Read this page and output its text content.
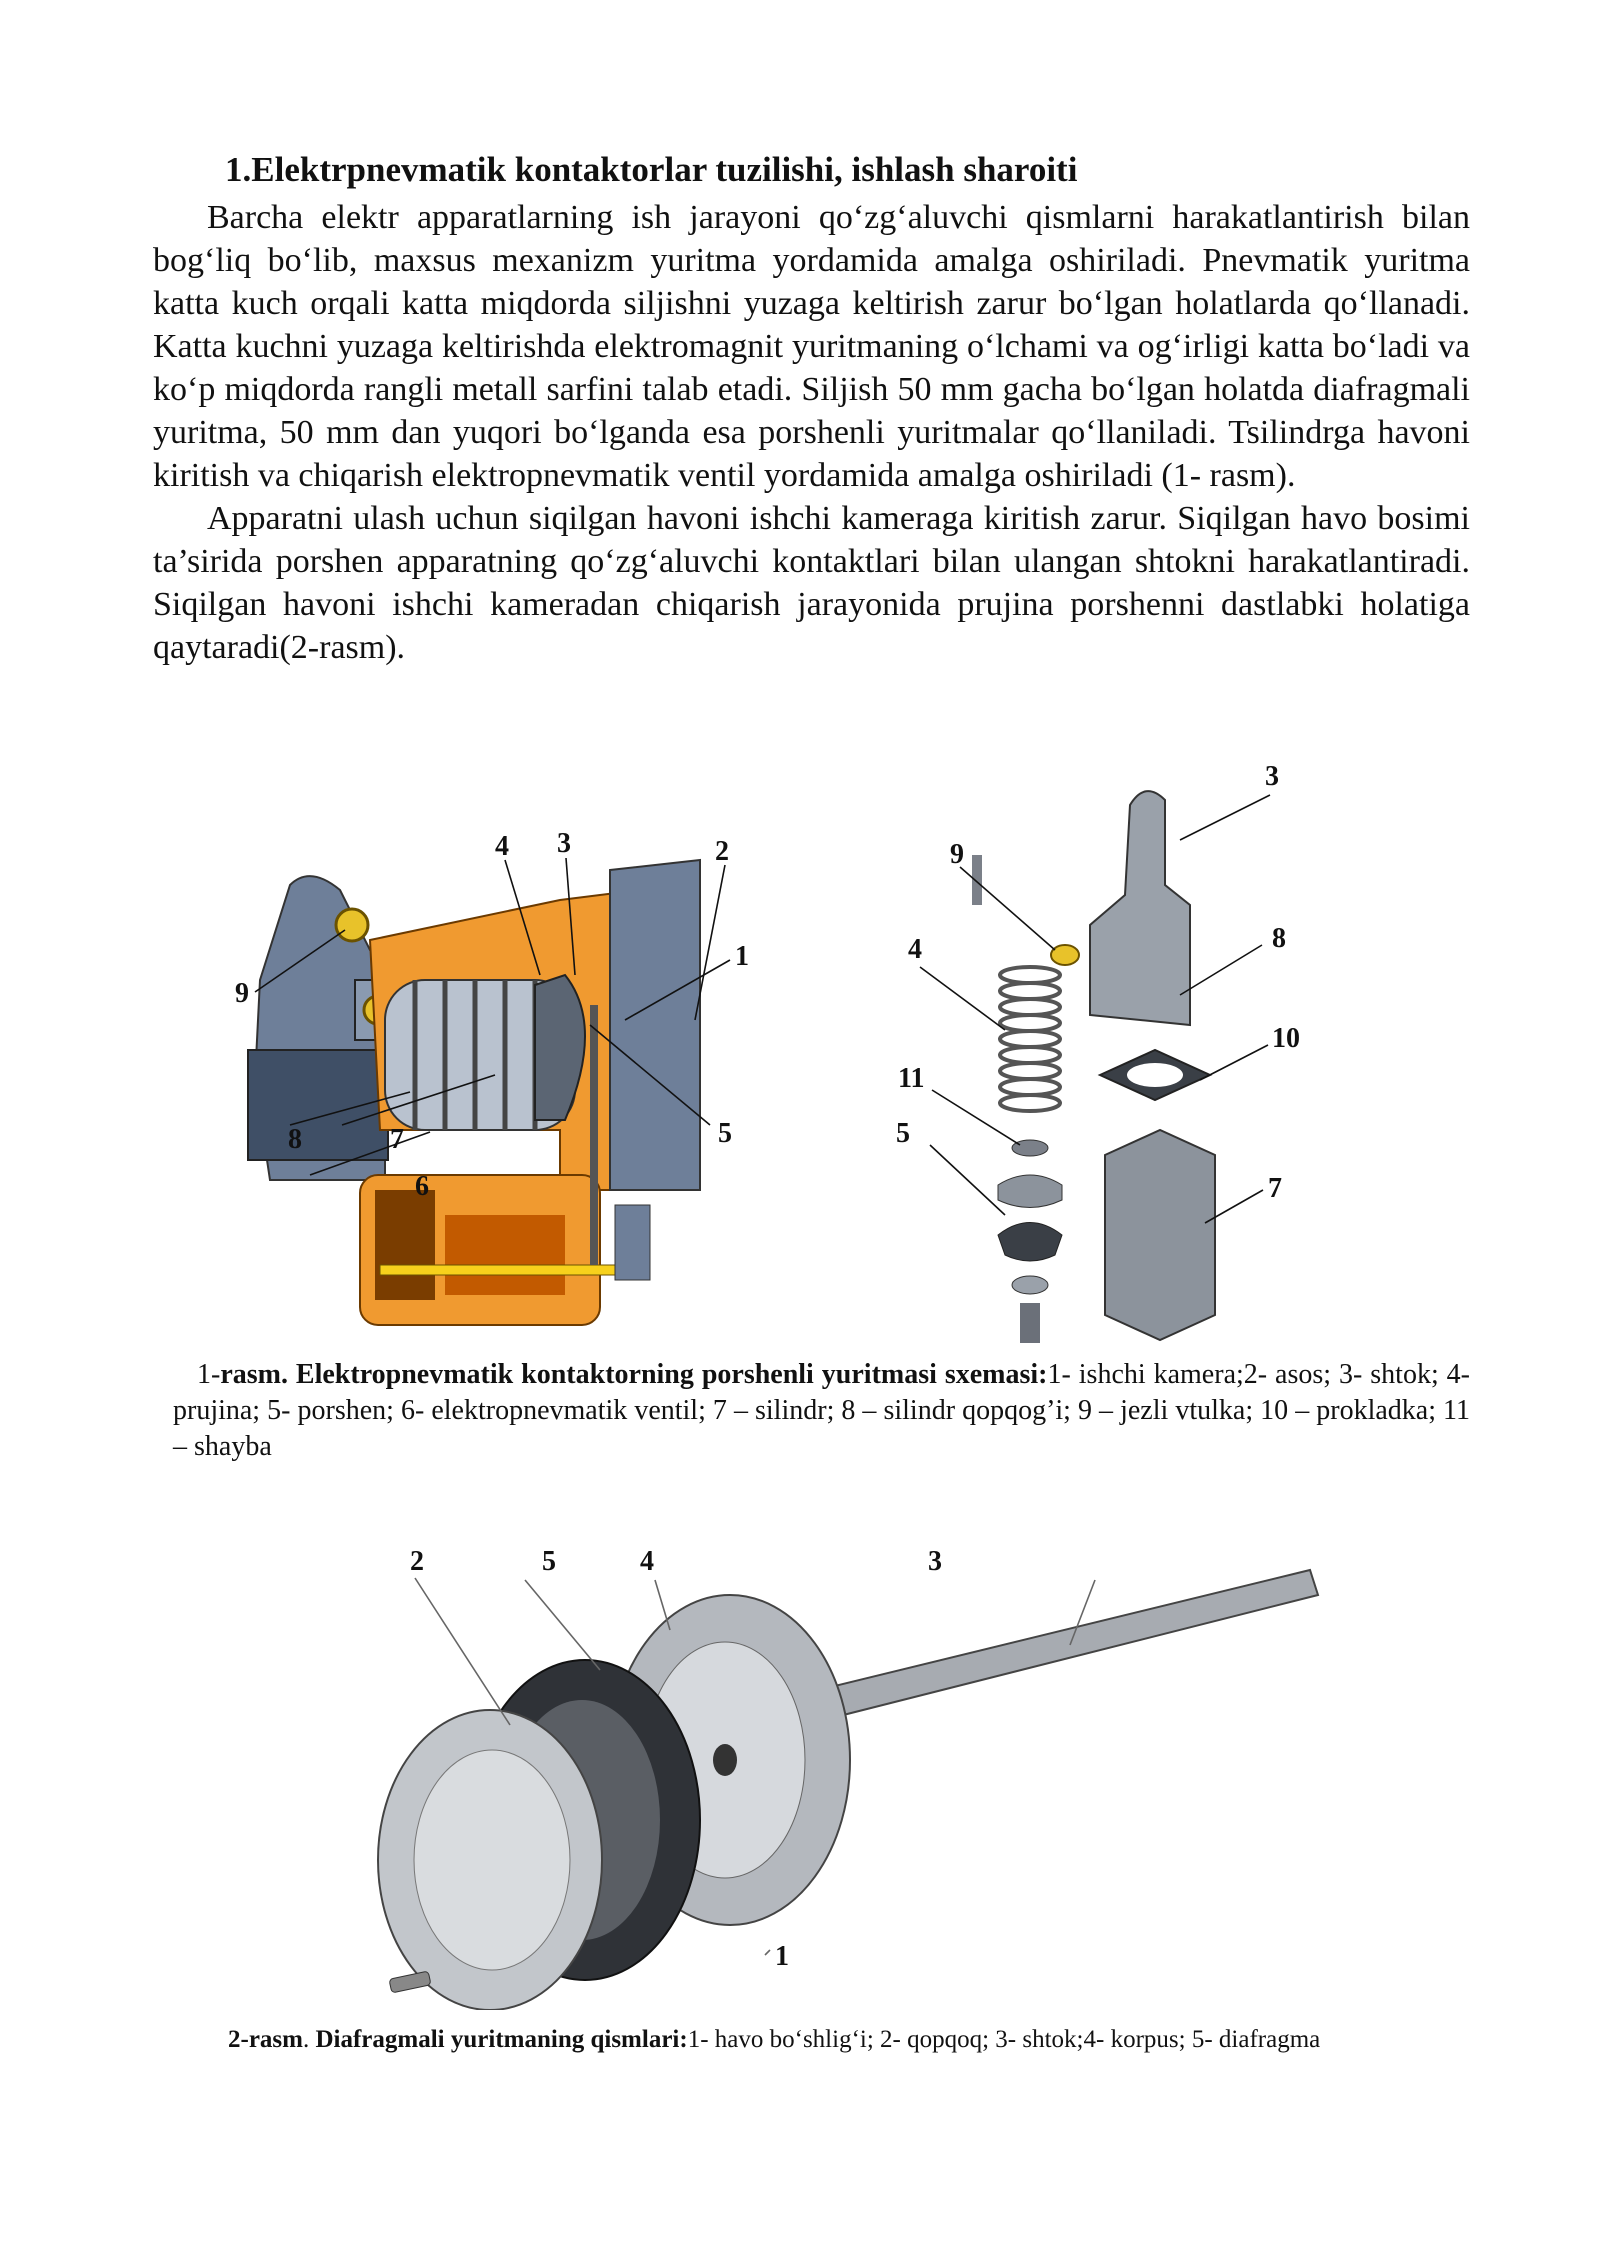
1.Elektrpnevmatik kontaktorlar tuzilishi, ishlash sharoiti

Barcha elektr apparatlarning ish jarayoni qo‘zg‘aluvchi qismlarni harakatlantirish bilan bog‘liq bo‘lib, maxsus mexanizm yuritma yordamida amalga oshiriladi. Pnevmatik yuritma katta kuch orqali katta miqdorda siljishni yuzaga keltirish zarur bo‘lgan holatlarda qo‘llanadi. Katta kuchni yuzaga keltirishda elektromagnit yuritmaning o‘lchami va og‘irligi katta bo‘ladi va ko‘p miqdorda rangli metall sarfini talab etadi. Siljish 50 mm gacha bo‘lgan holatda diafragmali yuritma, 50 mm dan yuqori bo‘lganda esa porshenli yuritmalar qo‘llaniladi. Tsilindrga havoni kiritish va chiqarish elektropnevmatik ventil yordamida amalga oshiriladi (1- rasm).

Apparatni ulash uchun siqilgan havoni ishchi kameraga kiritish zarur. Siqilgan havo bosimi ta’sirida porshen apparatning qo‘zg‘aluvchi kontaktlari bilan ulangan shtokni harakatlantiradi. Siqilgan havoni ishchi kameradan chiqarish jarayonida prujina porshenni dastlabki holatiga qaytaradi(2-rasm).

4 3	2
1
9
8	7
6
5
3
9
8
4
10
11
5
7
1-rasm. Elektropnevmatik kontaktorning porshenli yuritmasi sxemasi:1- ishchi kamera;2- asos; 3- shtok; 4- prujina; 5- porshen; 6- elektropnevmatik ventil; 7 – silindr; 8 – silindr qopqog’i; 9 – jezli vtulka; 10 – prokladka; 11 – shayba
2	5	4	3
1
2-rasm. Diafragmali yuritmaning qismlari:1- havo bo‘shlig‘i; 2- qopqoq; 3- shtok;4- korpus; 5- diafragma
